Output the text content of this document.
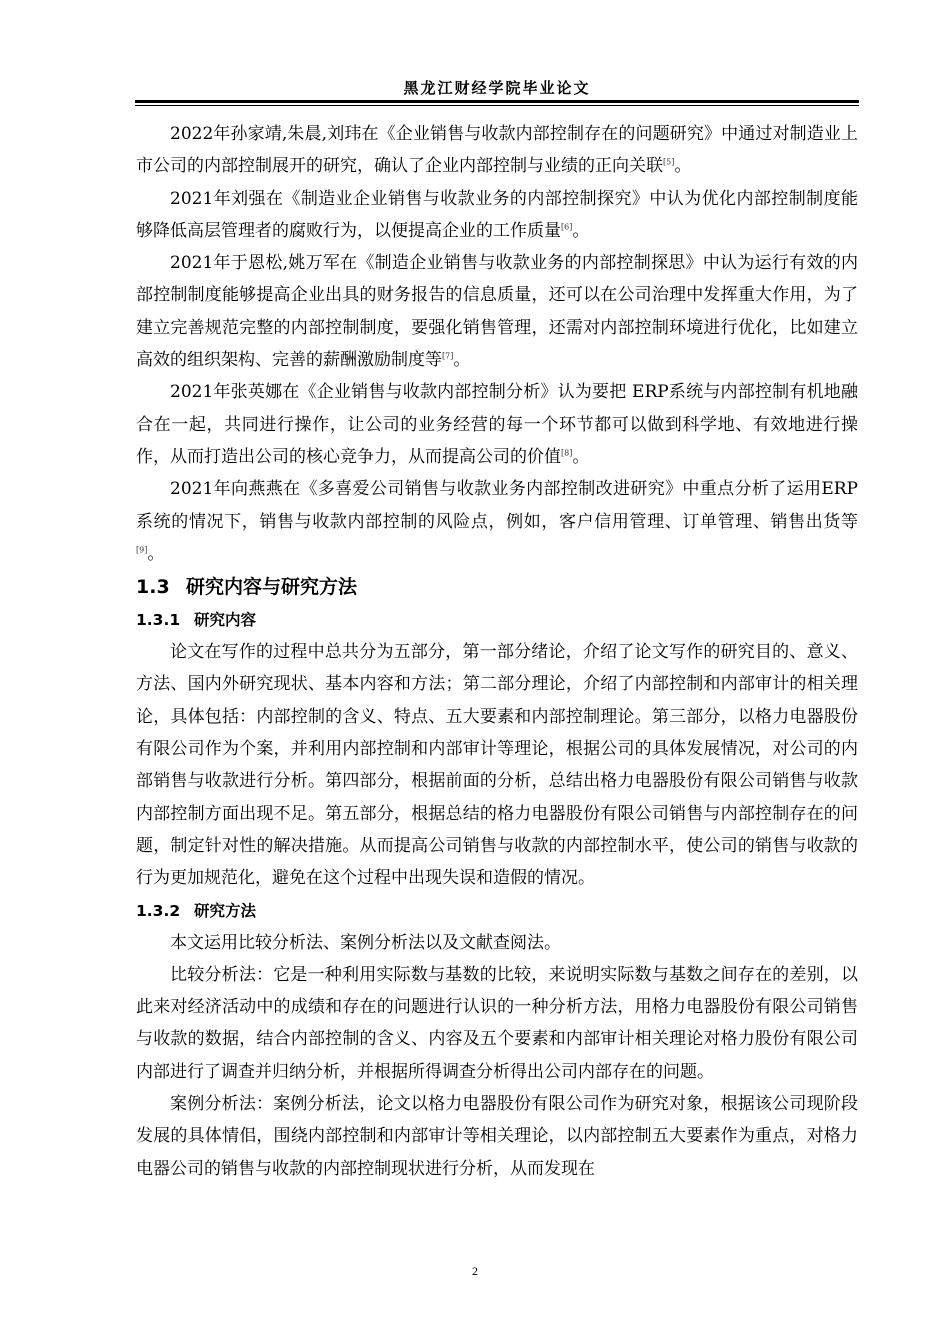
黑龙江财经学院毕业论文

2022年孙家靖,朱晨,刘玮在《企业销售与收款内部控制存在的问题研究》中通过对制造业上市公司的内部控制展开的研究，确认了企业内部控制与业绩的正向关联[5]。

2021年刘强在《制造业企业销售与收款业务的内部控制探究》中认为优化内部控制制度能够降低高层管理者的腐败行为，以便提高企业的工作质量[6]。

2021年于恩松,姚万军在《制造企业销售与收款业务的内部控制探思》中认为运行有效的内部控制制度能够提高企业出具的财务报告的信息质量，还可以在公司治理中发挥重大作用，为了建立完善规范完整的内部控制制度，要强化销售管理，还需对内部控制环境进行优化，比如建立高效的组织架构、完善的薪酬激励制度等[7]。

2021年张英娜在《企业销售与收款内部控制分析》认为要把 ERP系统与内部控制有机地融合在一起，共同进行操作，让公司的业务经营的每一个环节都可以做到科学地、有效地进行操作，从而打造出公司的核心竞争力，从而提高公司的价值[8]。

2021年向燕燕在《多喜爱公司销售与收款业务内部控制改进研究》中重点分析了运用ERP系统的情况下，销售与收款内部控制的风险点，例如，客户信用管理、订单管理、销售出货等[9]。

1.3 研究内容与研究方法
1.3.1 研究内容

论文在写作的过程中总共分为五部分，第一部分绪论，介绍了论文写作的研究目的、意义、方法、国内外研究现状、基本内容和方法；第二部分理论，介绍了内部控制和内部审计的相关理论，具体包括：内部控制的含义、特点、五大要素和内部控制理论。第三部分，以格力电器股份有限公司作为个案，并利用内部控制和内部审计等理论，根据公司的具体发展情况，对公司的内部销售与收款进行分析。第四部分，根据前面的分析，总结出格力电器股份有限公司销售与收款内部控制方面出现不足。第五部分，根据总结的格力电器股份有限公司销售与内部控制存在的问题，制定针对性的解决措施。从而提高公司销售与收款的内部控制水平，使公司的销售与收款的行为更加规范化，避免在这个过程中出现失误和造假的情况。

1.3.2 研究方法

本文运用比较分析法、案例分析法以及文献查阅法。

比较分析法：它是一种利用实际数与基数的比较，来说明实际数与基数之间存在的差别，以此来对经济活动中的成绩和存在的问题进行认识的一种分析方法，用格力电器股份有限公司销售与收款的数据，结合内部控制的含义、内容及五个要素和内部审计相关理论对格力股份有限公司内部进行了调查并归纳分析，并根据所得调查分析得出公司内部存在的问题。

案例分析法：案例分析法，论文以格力电器股份有限公司作为研究对象，根据该公司现阶段发展的具体情佀，围绕内部控制和内部审计等相关理论，以内部控制五大要素作为重点，对格力电器公司的销售与收款的内部控制现状进行分析，从而发现在

2
